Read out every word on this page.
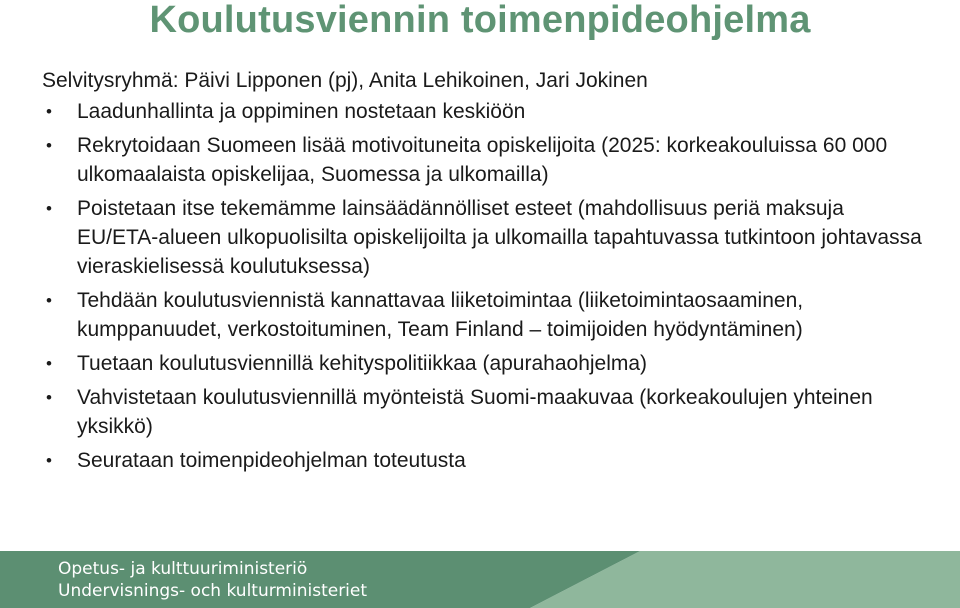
Koulutusviennin toimenpideohjelma
Selvitysryhmä: Päivi Lipponen (pj), Anita Lehikoinen, Jari Jokinen
• Laadunhallinta ja oppiminen nostetaan keskiöön
• Rekrytoidaan Suomeen lisää motivoituneita opiskelijoita (2025: korkeakouluissa 60 000 ulkomaalaista opiskelijaa, Suomessa ja ulkomailla)
• Poistetaan itse tekemämme lainsäädännölliset esteet (mahdollisuus periä maksuja EU/ETA-alueen ulkopuolisilta opiskelijoilta ja ulkomailla tapahtuvassa tutkintoon johtavassa vieraskielisessä koulutuksessa)
• Tehdään koulutusviennistä kannattavaa liiketoimintaa (liiketoimintaosaaminen, kumppanuudet, verkostoituminen, Team Finland – toimijoiden hyödyntäminen)
• Tuetaan koulutusviennillä kehityspolitiikkaa (apurahaohjelma)
• Vahvistetaan koulutusviennillä myönteistä Suomi-maakuvaa (korkeakoulujen yhteinen yksikkö)
• Seurataan toimenpideohjelman toteutusta
Opetus- ja kulttuuriministeriö
Undervisnings- och kulturministeriet
